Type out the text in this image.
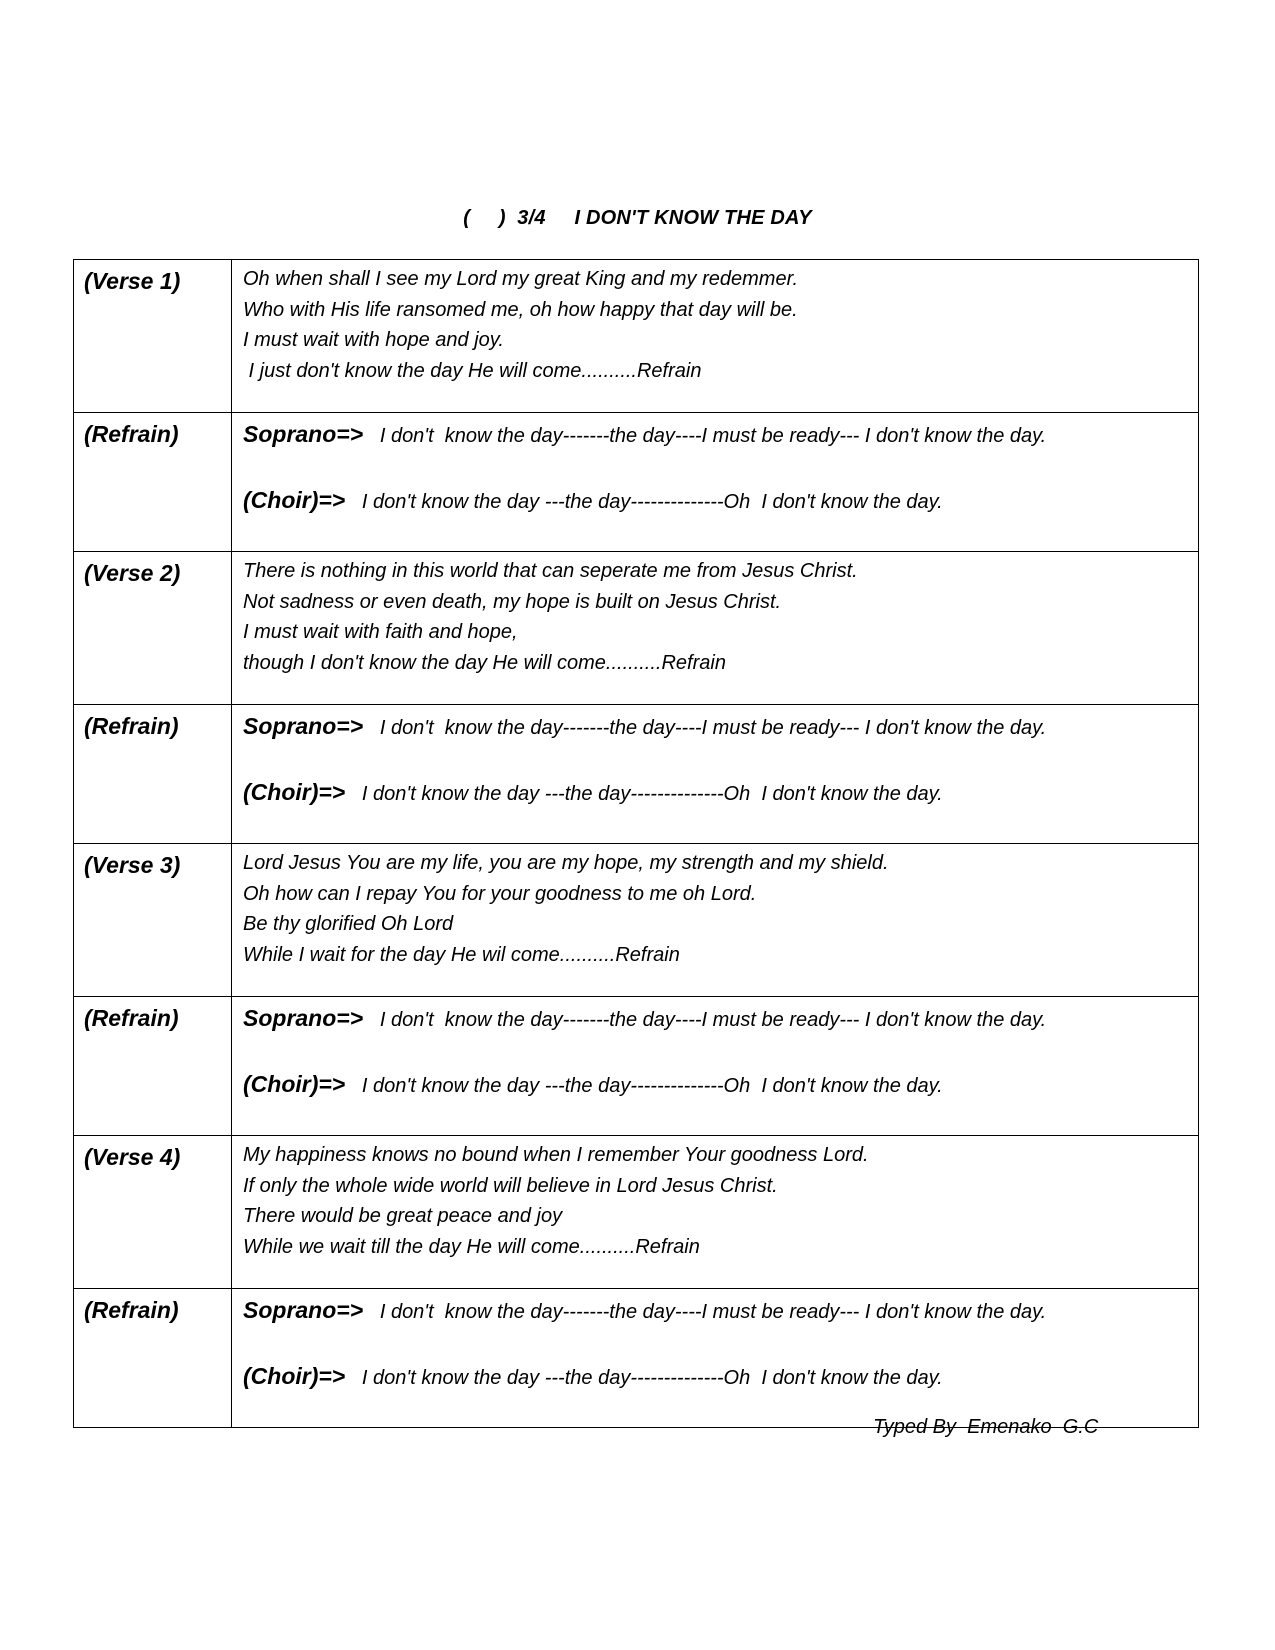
(     )  3/4     I DON'T KNOW THE DAY
(Verse 1)	Oh when shall I see my Lord my great King and my redemmer.
Who with His life ransomed me, oh how happy that day will be.
I must wait with hope and joy.
I just don't know the day He will come..........Refrain

(Refrain)	Soprano=>   I don't  know the day-------the day----I must be ready--- I don't know the day.
(Choir)=>   I don't know the day ---the day--------------Oh  I don't know the day.

(Verse 2)	There is nothing in this world that can seperate me from Jesus Christ.
Not sadness or even death, my hope is built on Jesus Christ.
I must wait with faith and hope,
though I don't know the day He will come..........Refrain

(Refrain)	Soprano=>   I don't  know the day-------the day----I must be ready--- I don't know the day.
(Choir)=>   I don't know the day ---the day--------------Oh  I don't know the day.

(Verse 3)	Lord Jesus You are my life, you are my hope, my strength and my shield.
Oh how can I repay You for your goodness to me oh Lord.
Be thy glorified Oh Lord
While I wait for the day He wil come..........Refrain

(Refrain)	Soprano=>   I don't  know the day-------the day----I must be ready--- I don't know the day.
(Choir)=>   I don't know the day ---the day--------------Oh  I don't know the day.

(Verse 4)	My happiness knows no bound when I remember Your goodness Lord.
If only the whole wide world will believe in Lord Jesus Christ.
There would be great peace and joy
While we wait till the day He will come..........Refrain

(Refrain)	Soprano=>   I don't  know the day-------the day----I must be ready--- I don't know the day.
(Choir)=>   I don't know the day ---the day--------------Oh  I don't know the day.
Typed By  Emenako  G.C
